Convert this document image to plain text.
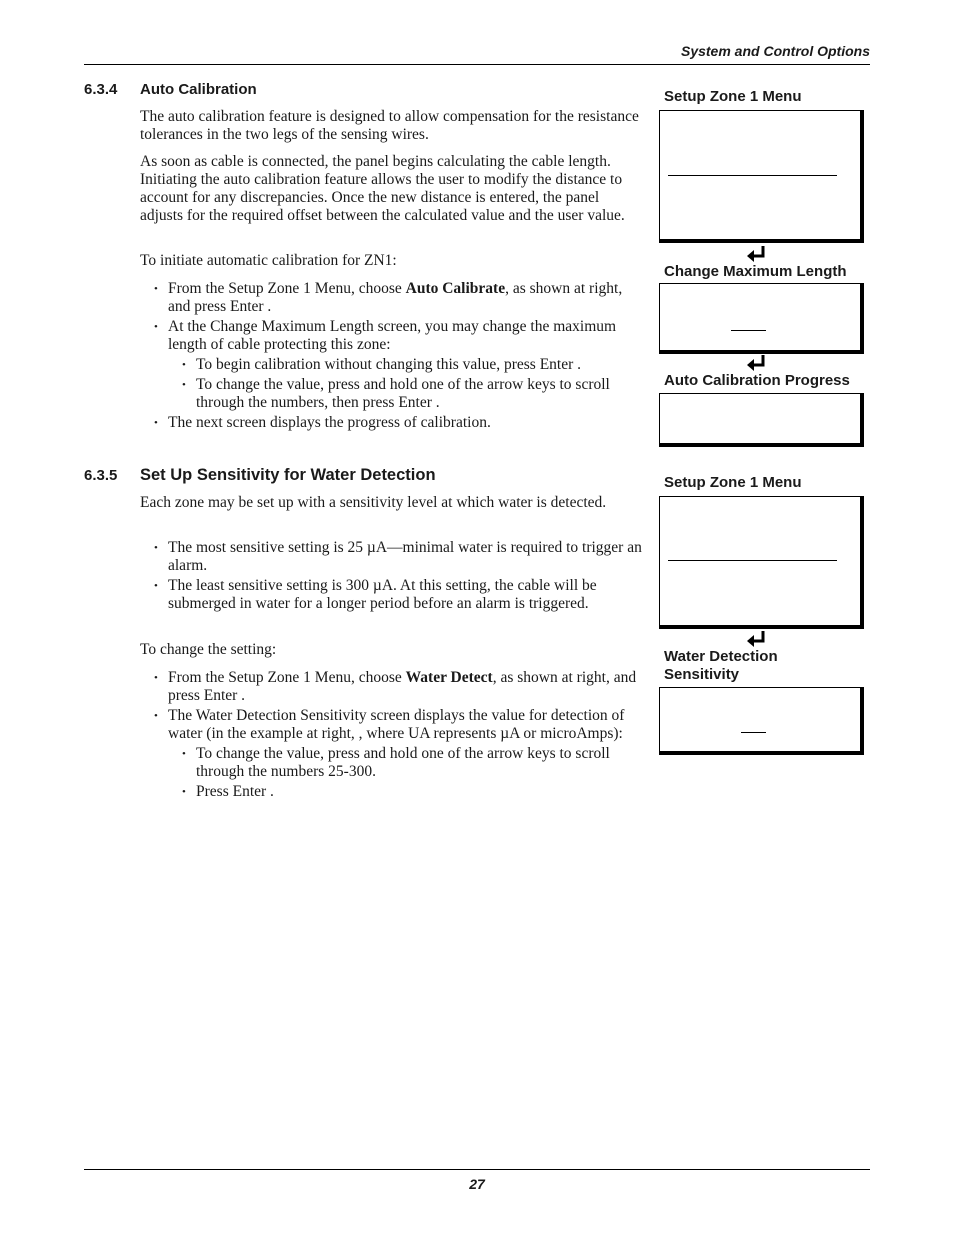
System and Control Options
6.3.4 Auto Calibration
The auto calibration feature is designed to allow compensation for the resistance tolerances in the two legs of the sensing wires.
As soon as cable is connected, the panel begins calculating the cable length. Initiating the auto calibration feature allows the user to modify the distance to account for any discrepancies. Once the new distance is entered, the panel adjusts for the required offset between the calculated value and the user value.
To initiate automatic calibration for ZN1:
• From the Setup Zone 1 Menu, choose Auto Calibrate, as shown at right, and press Enter .
• At the Change Maximum Length screen, you may change the maximum length of cable protecting this zone:
• To begin calibration without changing this value, press Enter .
• To change the value, press and hold one of the arrow keys to scroll through the numbers, then press Enter .
• The next screen displays the progress of calibration.
6.3.5 Set Up Sensitivity for Water Detection
Each zone may be set up with a sensitivity level at which water is detected.
• The most sensitive setting is 25 µA—minimal water is required to trigger an alarm.
• The least sensitive setting is 300 µA. At this setting, the cable will be submerged in water for a longer period before an alarm is triggered.
To change the setting:
• From the Setup Zone 1 Menu, choose Water Detect, as shown at right, and press Enter .
• The Water Detection Sensitivity screen displays the value for detection of water (in the example at right, , where UA represents µA or microAmps):
• To change the value, press and hold one of the arrow keys to scroll through the numbers 25-300.
• Press Enter .
Setup Zone 1 Menu
Change Maximum Length
Auto Calibration Progress
Setup Zone 1 Menu
Water Detection Sensitivity
27
